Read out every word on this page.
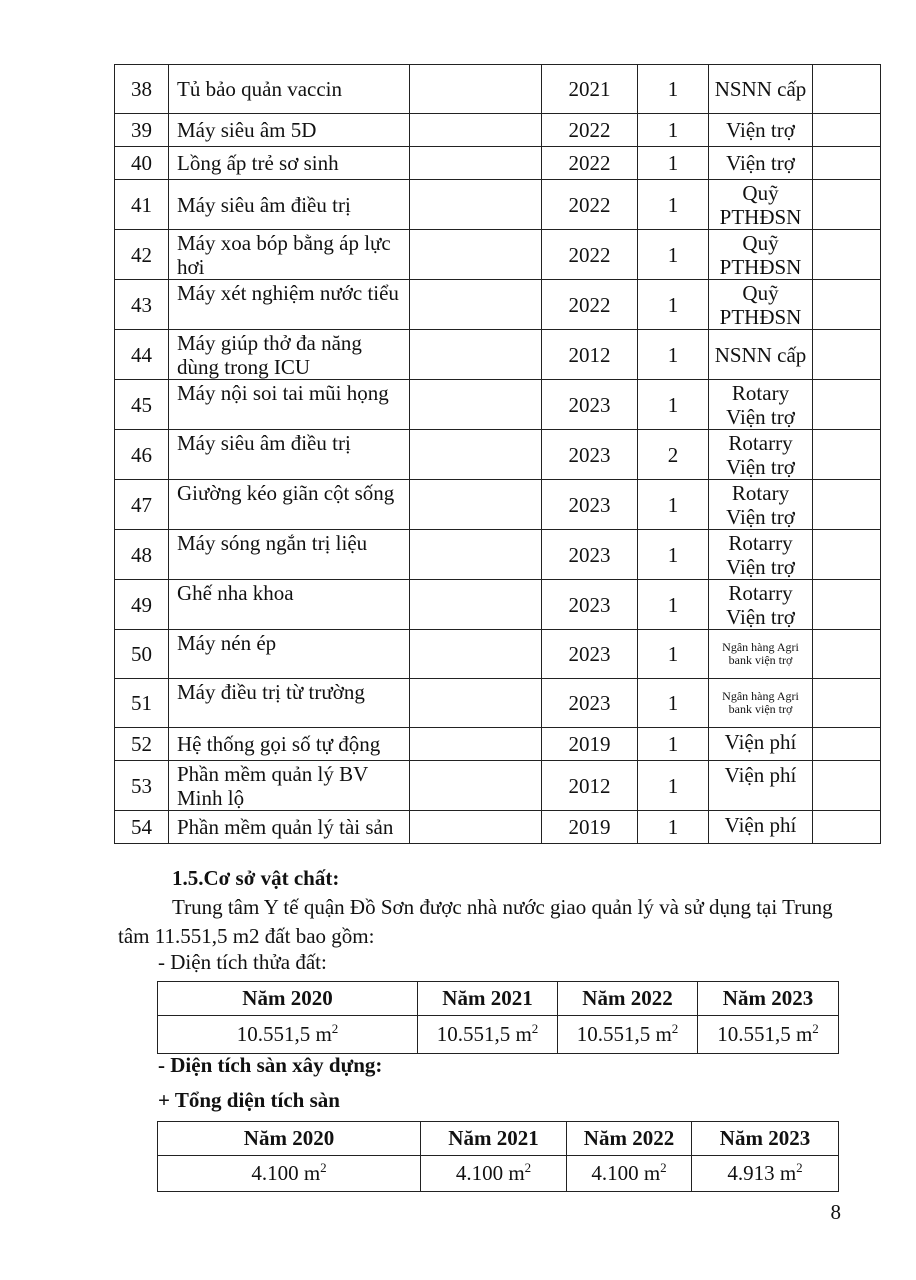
38	Tủ bảo quản vaccin		2021	1	NSNN cấp	
39	Máy siêu âm 5D		2022	1	Viện trợ	
40	Lồng ấp trẻ sơ sinh		2022	1	Viện trợ	
41	Máy siêu âm điều trị		2022	1	Quỹ PTHĐSN	
42	Máy xoa bóp bằng áp lực hơi		2022	1	Quỹ PTHĐSN	
43	Máy xét nghiệm nước tiểu		2022	1	Quỹ PTHĐSN	
44	Máy giúp thở đa năng dùng trong ICU		2012	1	NSNN cấp	
45	Máy nội soi tai mũi họng		2023	1	Rotary Viện trợ	
46	Máy siêu âm điều trị		2023	2	Rotarry Viện trợ	
47	Giường kéo giãn cột sống		2023	1	Rotary Viện trợ	
48	Máy sóng ngắn trị liệu		2023	1	Rotarry Viện trợ	
49	Ghế nha khoa		2023	1	Rotarry Viện trợ	
50	Máy nén ép		2023	1	Ngân hàng Agri bank viện trợ	
51	Máy điều trị từ trường		2023	1	Ngân hàng Agri bank viện trợ	
52	Hệ thống gọi số tự động		2019	1	Viện phí	
53	Phần mềm quản lý BV Minh lộ		2012	1	Viện phí	
54	Phần mềm quản lý tài sản		2019	1	Viện phí	
1.5.Cơ sở vật chất:
Trung tâm Y tế quận Đồ Sơn được nhà nước giao quản lý và sử dụng tại Trung
tâm 11.551,5 m2 đất bao gồm:
- Diện tích thửa đất:
Năm 2020	Năm 2021	Năm 2022	Năm 2023
10.551,5 $m^2$	10.551,5 $m^2$	10.551,5 $m^2$	10.551,5 $m^2$
- Diện tích sàn xây dựng:
+ Tổng diện tích sàn
Năm 2020	Năm 2021	Năm 2022	Năm 2023
4.100 $m^2$	4.100 $m^2$	4.100 $m^2$	4.913 $m^2$
8
